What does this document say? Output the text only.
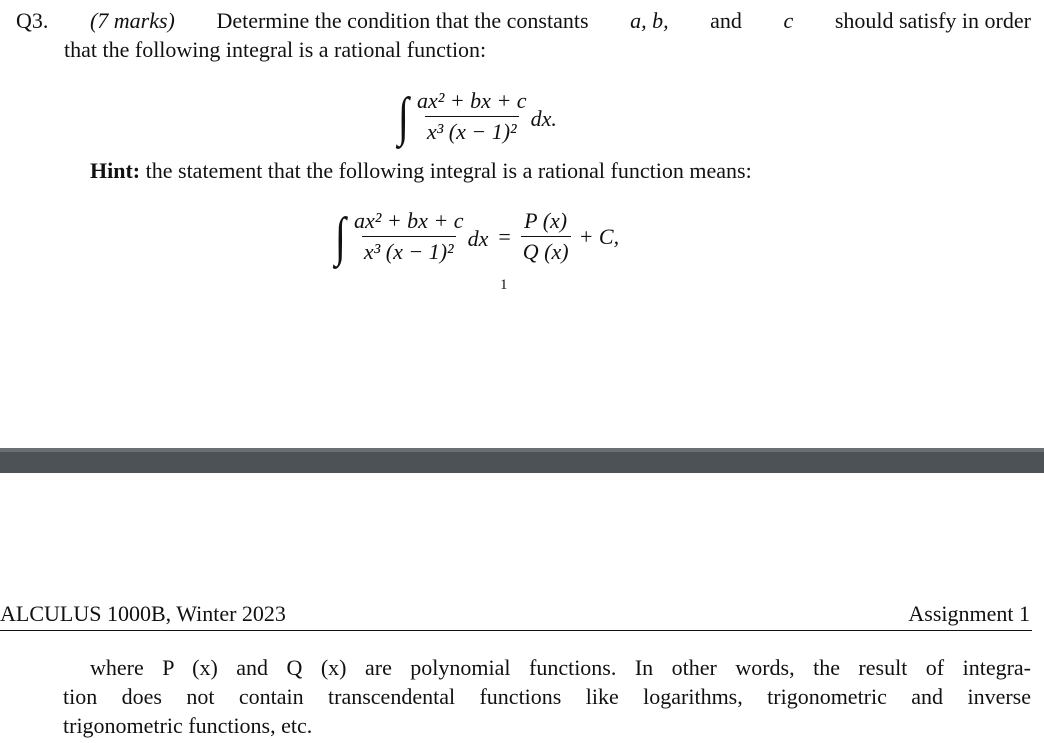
Q3. (7 marks) Determine the condition that the constants a, b, and c should satisfy in order
that the following integral is a rational function:
∫ $\frac{\text{ax² + bx + c}}{\text{x³ (x − 1)²}}$ dx.
Hint: the statement that the following integral is a rational function means:
∫ $\frac{\text{ax² + bx + c}}{\text{x³ (x − 1)²}}$ dx = $\frac{P (x)}{Q (x)} + C$,
1
ALCULUS 1000B, Winter 2023	Assignment 1
where P (x) and Q (x) are polynomial functions. In other words, the result of integra-
tion does not contain transcendental functions like logarithms, trigonometric and inverse
trigonometric functions, etc.
